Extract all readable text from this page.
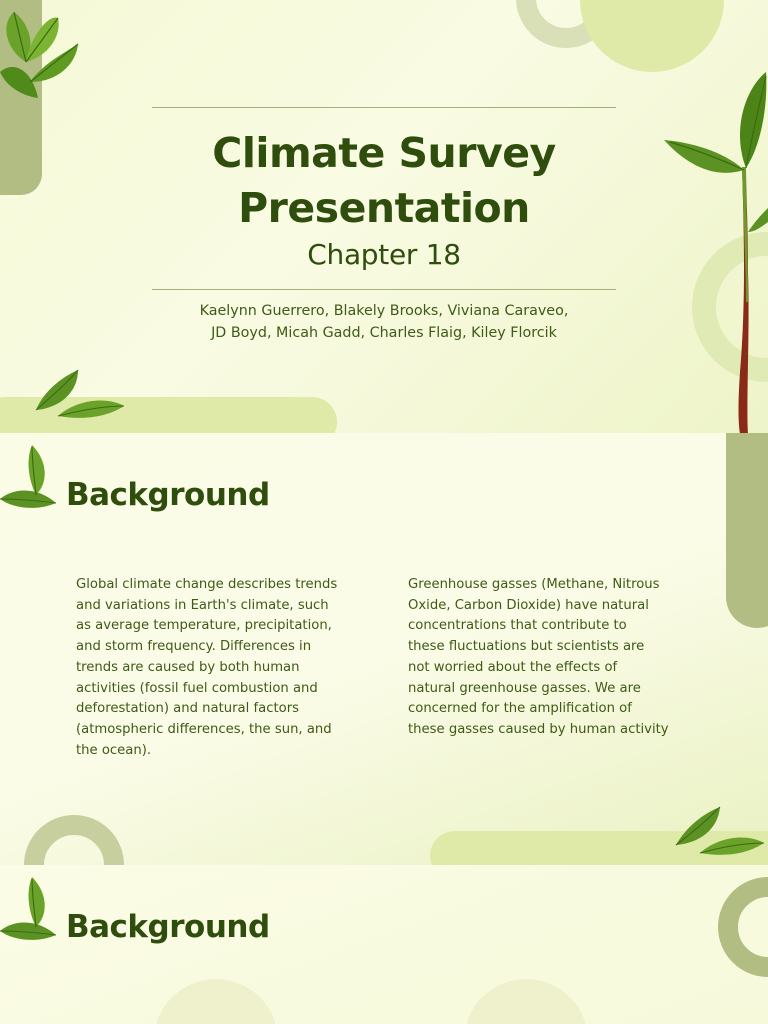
Climate Survey
Presentation
Chapter 18
Kaelynn Guerrero, Blakely Brooks, Viviana Caraveo,
JD Boyd, Micah Gadd, Charles Flaig, Kiley Florcik
Background
Global climate change describes trends
and variations in Earth's climate, such
as average temperature, precipitation,
and storm frequency. Differences in
trends are caused by both human
activities (fossil fuel combustion and
deforestation) and natural factors
(atmospheric differences, the sun, and
the ocean).
Greenhouse gasses (Methane, Nitrous
Oxide, Carbon Dioxide) have natural
concentrations that contribute to
these fluctuations but scientists are
not worried about the effects of
natural greenhouse gasses. We are
concerned for the amplification of
these gasses caused by human activity
Background
